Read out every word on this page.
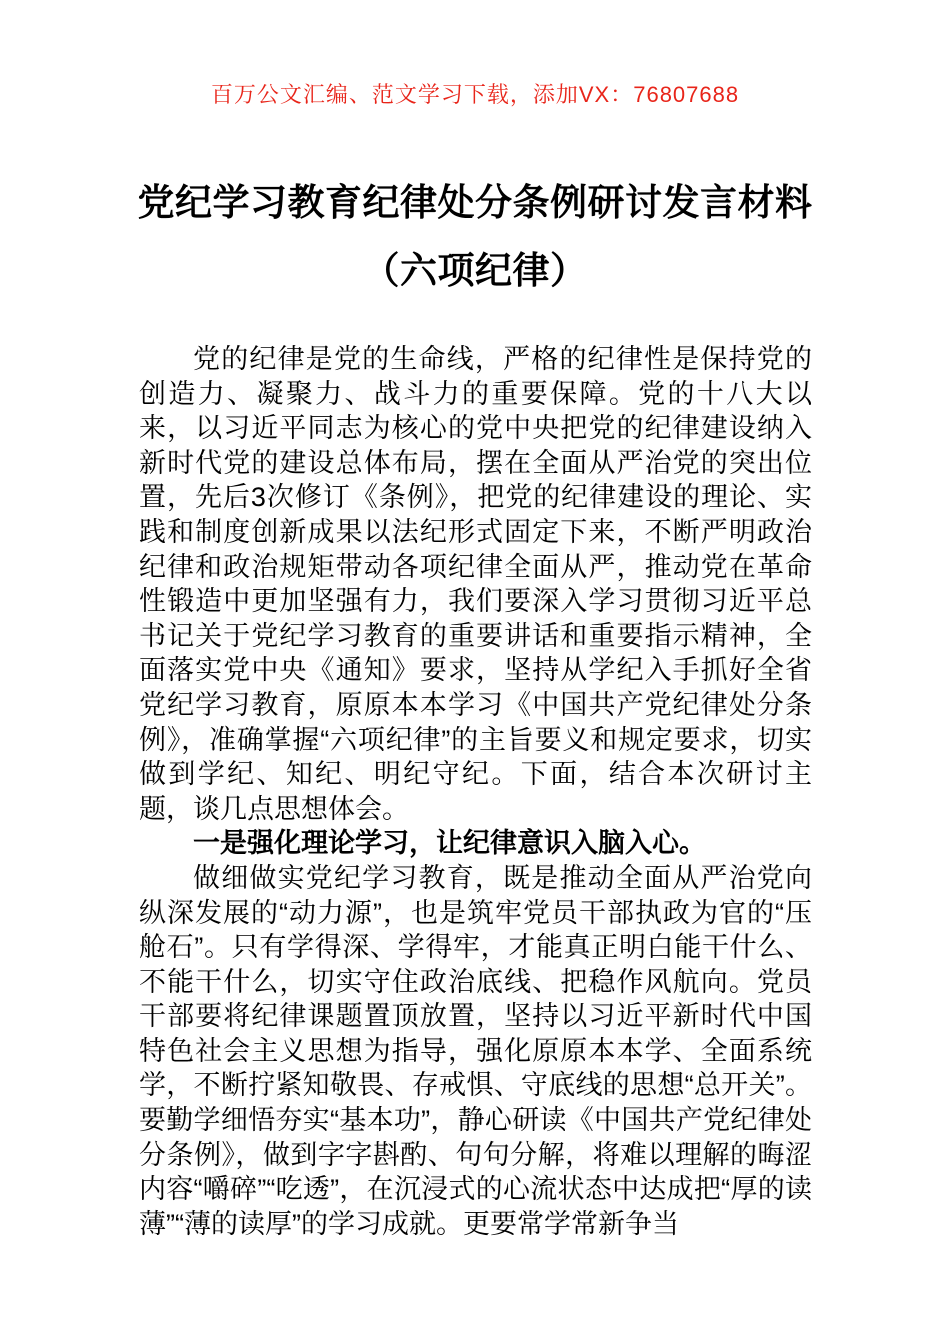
百万公文汇编、范文学习下载，添加VX：76807688
党纪学习教育纪律处分条例研讨发言材料
（六项纪律）

党的纪律是党的生命线，严格的纪律性是保持党的创造力、凝聚力、战斗力的重要保障。党的十八大以来，以习近平同志为核心的党中央把党的纪律建设纳入新时代党的建设总体布局，摆在全面从严治党的突出位置，先后3次修订《条例》，把党的纪律建设的理论、实践和制度创新成果以法纪形式固定下来，不断严明政治纪律和政治规矩带动各项纪律全面从严，推动党在革命性锻造中更加坚强有力，我们要深入学习贯彻习近平总书记关于党纪学习教育的重要讲话和重要指示精神，全面落实党中央《通知》要求，坚持从学纪入手抓好全省党纪学习教育，原原本本学习《中国共产党纪律处分条例》，准确掌握“六项纪律”的主旨要义和规定要求，切实做到学纪、知纪、明纪守纪。下面，结合本次研讨主题，谈几点思想体会。

一是强化理论学习，让纪律意识入脑入心。

做细做实党纪学习教育，既是推动全面从严治党向纵深发展的“动力源”，也是筑牢党员干部执政为官的“压舱石”。只有学得深、学得牢，才能真正明白能干什么、不能干什么，切实守住政治底线、把稳作风航向。党员干部要将纪律课题置顶放置，坚持以习近平新时代中国特色社会主义思想为指导，强化原原本本学、全面系统学，不断拧紧知敬畏、存戒惧、守底线的思想“总开关”。要勤学细悟夯实“基本功”，静心研读《中国共产党纪律处分条例》，做到字字斟酌、句句分解，将难以理解的晦涩内容“嚼碎”“吃透”，在沉浸式的心流状态中达成把“厚的读薄”“薄的读厚”的学习成就。更要常学常新争当
